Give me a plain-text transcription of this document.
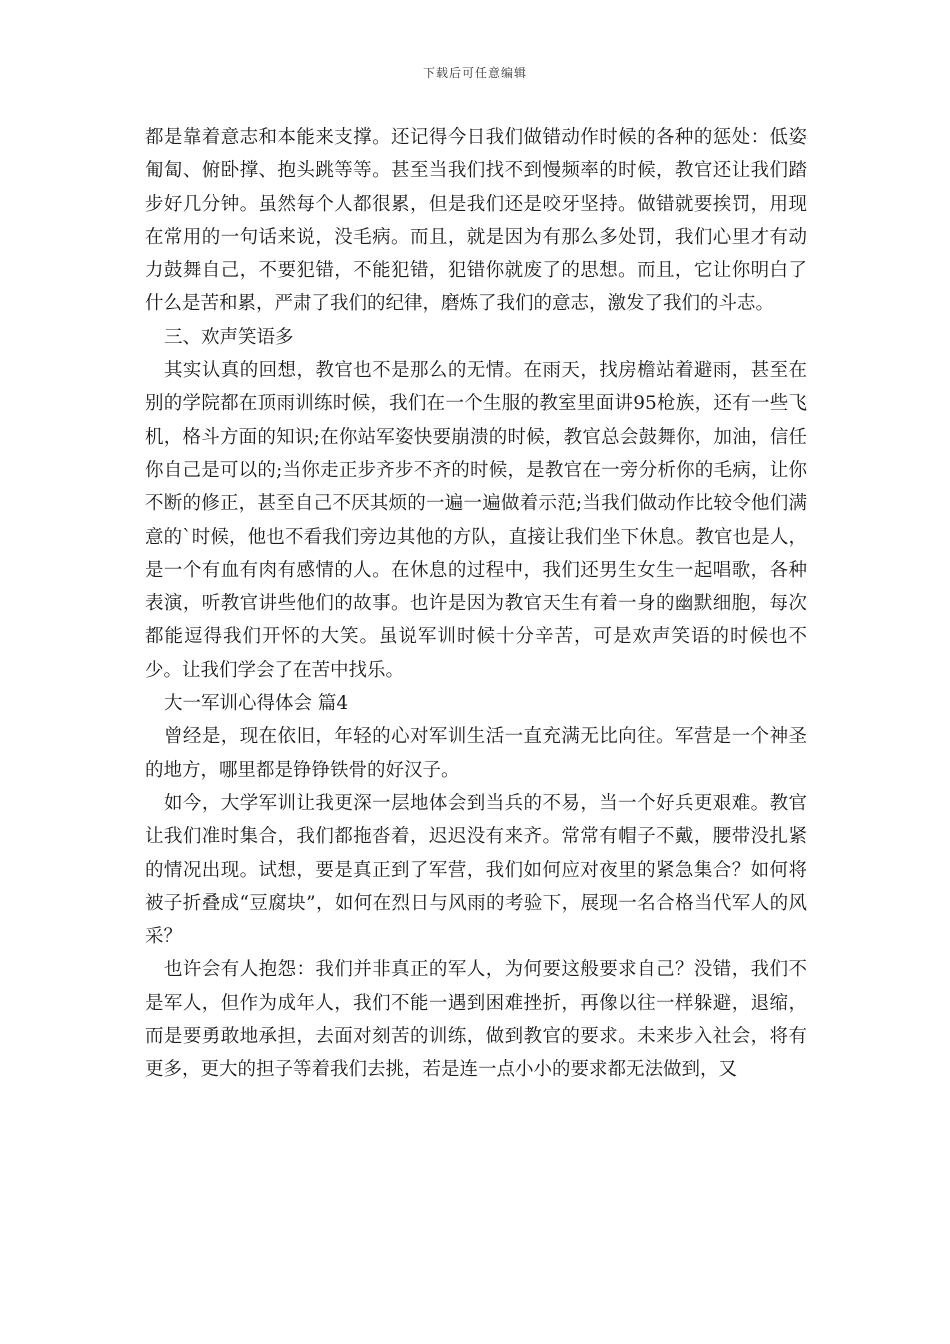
下载后可任意编辑

都是靠着意志和本能来支撑。还记得今日我们做错动作时候的各种的惩处：低姿匍匐、俯卧撑、抱头跳等等。甚至当我们找不到慢频率的时候，教官还让我们踏步好几分钟。虽然每个人都很累，但是我们还是咬牙坚持。做错就要挨罚，用现在常用的一句话来说，没毛病。而且，就是因为有那么多处罚，我们心里才有动力鼓舞自己，不要犯错，不能犯错，犯错你就废了的思想。而且，它让你明白了什么是苦和累，严肃了我们的纪律，磨炼了我们的意志，激发了我们的斗志。

三、欢声笑语多

其实认真的回想，教官也不是那么的无情。在雨天，找房檐站着避雨，甚至在别的学院都在顶雨训练时候，我们在一个生服的教室里面讲95枪族，还有一些飞机，格斗方面的知识;在你站军姿快要崩溃的时候，教官总会鼓舞你，加油，信任你自己是可以的;当你走正步齐步不齐的时候，是教官在一旁分析你的毛病，让你不断的修正，甚至自己不厌其烦的一遍一遍做着示范;当我们做动作比较令他们满意的`时候，他也不看我们旁边其他的方队，直接让我们坐下休息。教官也是人，是一个有血有肉有感情的人。在休息的过程中，我们还男生女生一起唱歌，各种表演，听教官讲些他们的故事。也许是因为教官天生有着一身的幽默细胞，每次都能逗得我们开怀的大笑。虽说军训时候十分辛苦，可是欢声笑语的时候也不少。让我们学会了在苦中找乐。

大一军训心得体会 篇4

曾经是，现在依旧，年轻的心对军训生活一直充满无比向往。军营是一个神圣的地方，哪里都是铮铮铁骨的好汉子。

如今，大学军训让我更深一层地体会到当兵的不易，当一个好兵更艰难。教官让我们准时集合，我们都拖沓着，迟迟没有来齐。常常有帽子不戴，腰带没扎紧的情况出现。试想，要是真正到了军营，我们如何应对夜里的紧急集合？如何将被子折叠成“豆腐块”，如何在烈日与风雨的考验下，展现一名合格当代军人的风采？

也许会有人抱怨：我们并非真正的军人，为何要这般要求自己？没错，我们不是军人，但作为成年人，我们不能一遇到困难挫折，再像以往一样躲避，退缩，而是要勇敢地承担，去面对刻苦的训练，做到教官的要求。未来步入社会，将有更多，更大的担子等着我们去挑，若是连一点小小的要求都无法做到，又
